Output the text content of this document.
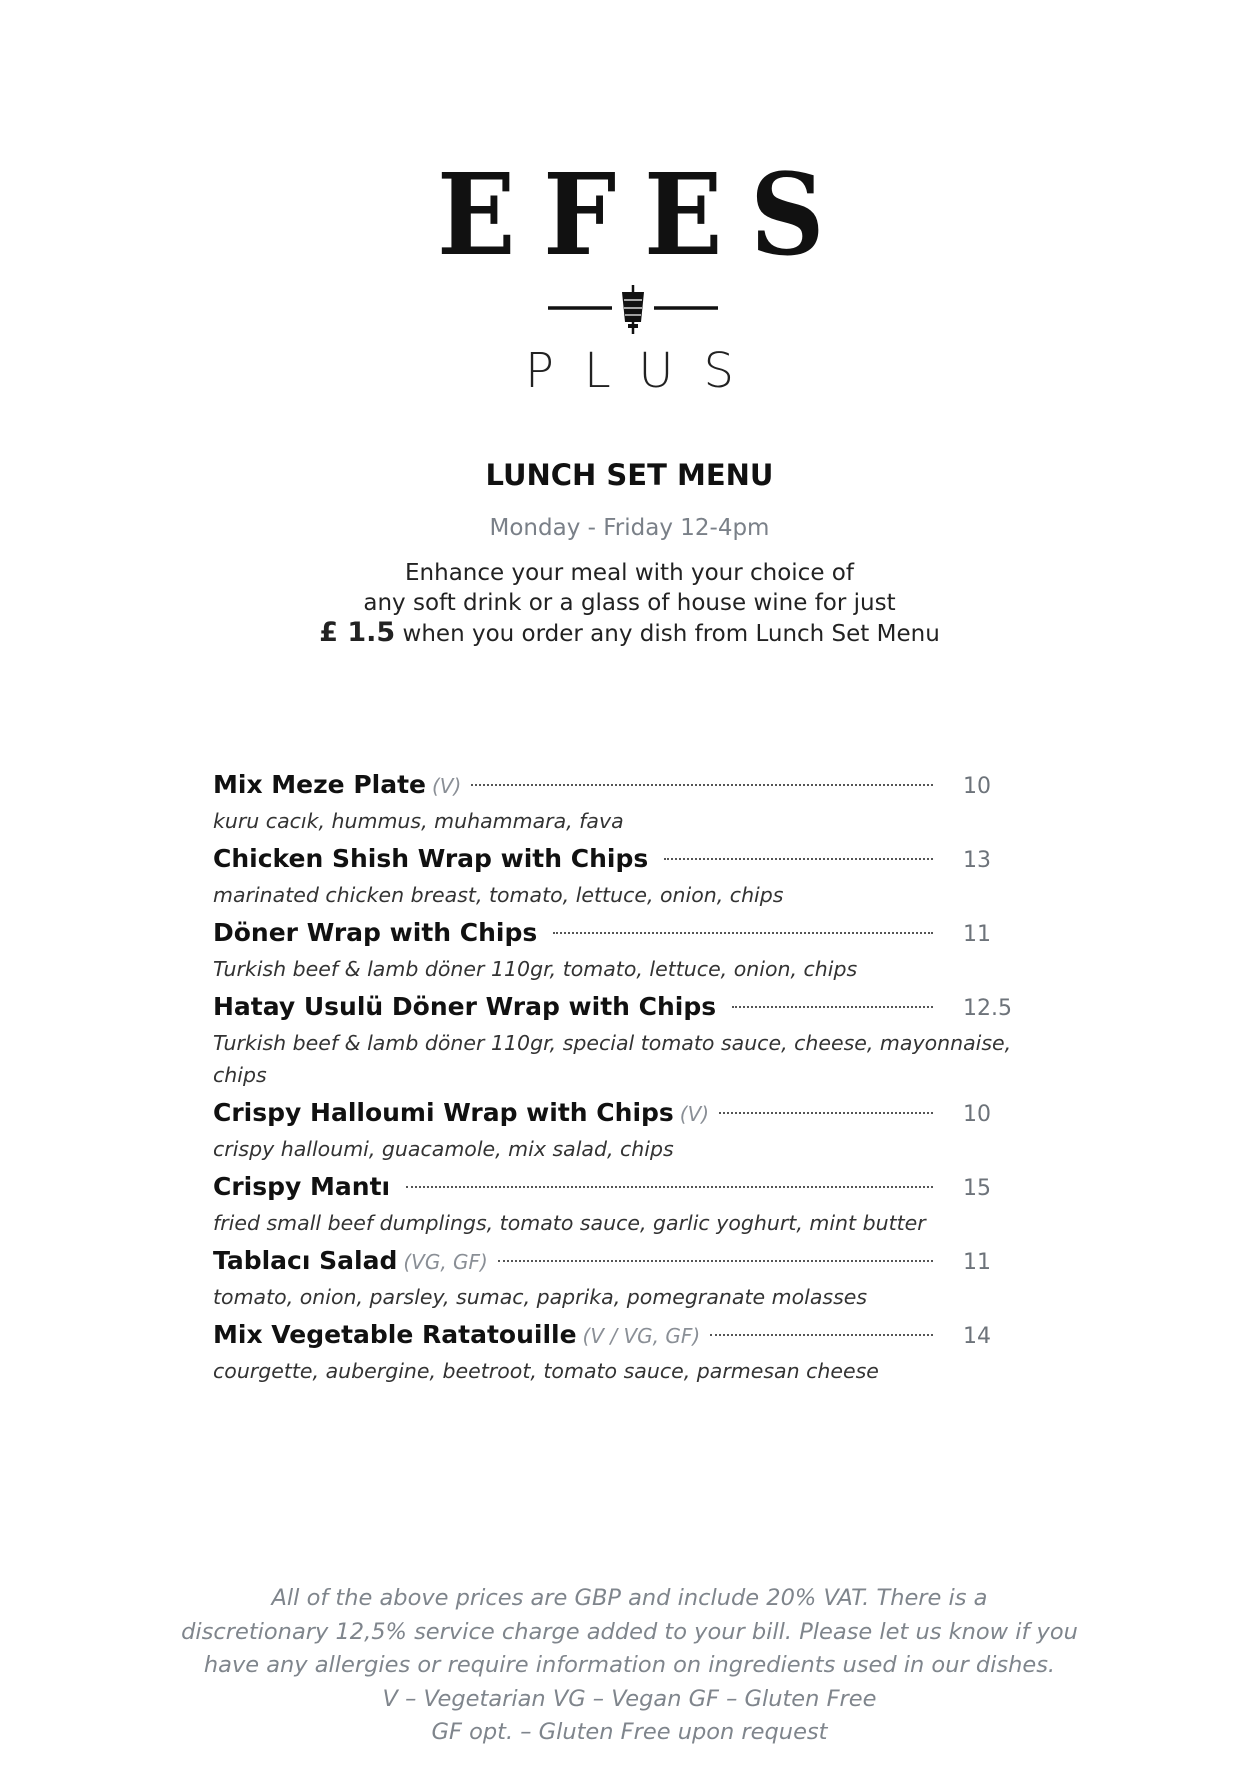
EFES
PLUS
LUNCH SET MENU
Monday - Friday 12-4pm
Enhance your meal with your choice of
any soft drink or a glass of house wine for just
£ 1.5 when you order any dish from Lunch Set Menu
Mix Meze Plate (V)	10
kuru cacık, hummus, muhammara, fava
Chicken Shish Wrap with Chips	13
marinated chicken breast, tomato, lettuce, onion, chips
Döner Wrap with Chips	11
Turkish beef & lamb döner 110gr, tomato, lettuce, onion, chips
Hatay Usulü Döner Wrap with Chips	12.5
Turkish beef & lamb döner 110gr, special tomato sauce, cheese, mayonnaise, chips
Crispy Halloumi Wrap with Chips (V)	10
crispy halloumi, guacamole, mix salad, chips
Crispy Mantı	15
fried small beef dumplings, tomato sauce, garlic yoghurt, mint butter
Tablacı Salad (VG, GF)	11
tomato, onion, parsley, sumac, paprika, pomegranate molasses
Mix Vegetable Ratatouille (V / VG, GF)	14
courgette, aubergine, beetroot, tomato sauce, parmesan cheese
All of the above prices are GBP and include 20% VAT. There is a
discretionary 12,5% service charge added to your bill. Please let us know if you
have any allergies or require information on ingredients used in our dishes.
V – Vegetarian VG – Vegan GF – Gluten Free
GF opt. – Gluten Free upon request
